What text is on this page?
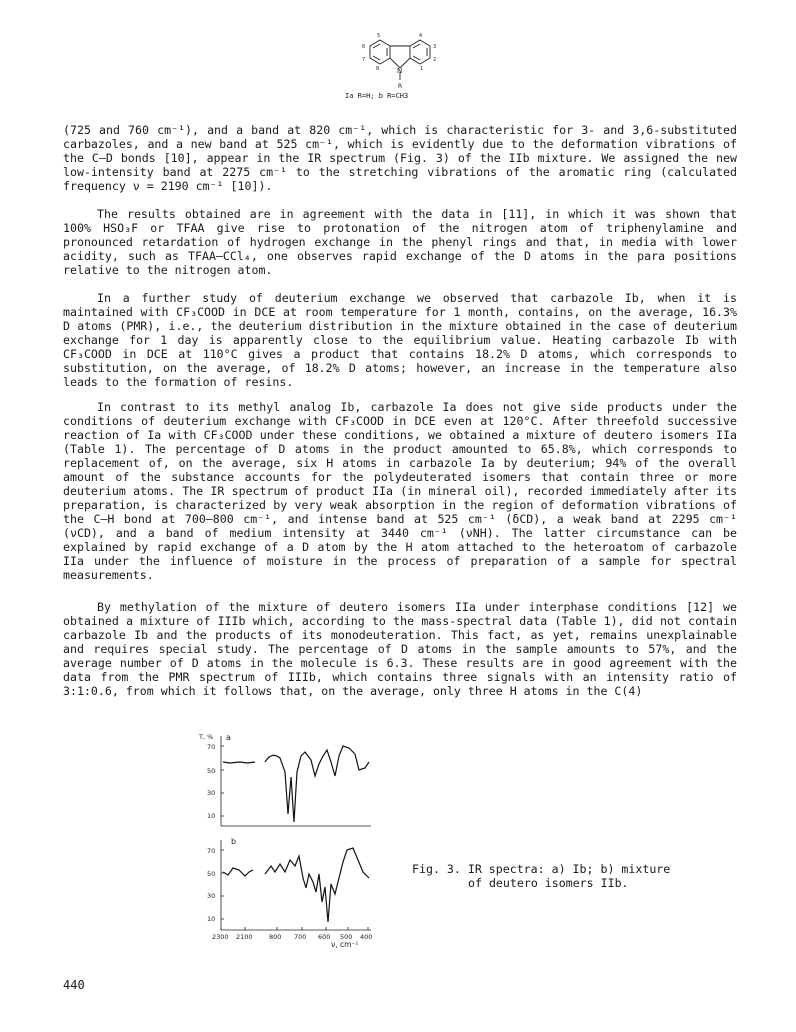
5	4
6	3
7	2
8	1
N
R
Ia R=H; b R=CH3

(725 and 760 cm⁻¹), and a band at 820 cm⁻¹, which is characteristic for 3- and 3,6-substituted carbazoles, and a new band at 525 cm⁻¹, which is evidently due to the deformation vibrations of the C–D bonds [10], appear in the IR spectrum (Fig. 3) of the IIb mixture. We assigned the new low-intensity band at 2275 cm⁻¹ to the stretching vibrations of the aromatic ring (calculated frequency ν = 2190 cm⁻¹ [10]).

The results obtained are in agreement with the data in [11], in which it was shown that 100% HSO₃F or TFAA give rise to protonation of the nitrogen atom of triphenylamine and pronounced retardation of hydrogen exchange in the phenyl rings and that, in media with lower acidity, such as TFAA–CCl₄, one observes rapid exchange of the D atoms in the para positions relative to the nitrogen atom.

In a further study of deuterium exchange we observed that carbazole Ib, when it is maintained with CF₃COOD in DCE at room temperature for 1 month, contains, on the average, 16.3% D atoms (PMR), i.e., the deuterium distribution in the mixture obtained in the case of deuterium exchange for 1 day is apparently close to the equilibrium value. Heating carbazole Ib with CF₃COOD in DCE at 110°C gives a product that contains 18.2% D atoms, which corresponds to substitution, on the average, of 18.2% D atoms; however, an increase in the temperature also leads to the formation of resins.

In contrast to its methyl analog Ib, carbazole Ia does not give side products under the conditions of deuterium exchange with CF₃COOD in DCE even at 120°C. After threefold successive reaction of Ia with CF₃COOD under these conditions, we obtained a mixture of deutero isomers IIa (Table 1). The percentage of D atoms in the product amounted to 65.8%, which corresponds to replacement of, on the average, six H atoms in carbazole Ia by deuterium; 94% of the overall amount of the substance accounts for the polydeuterated isomers that contain three or more deuterium atoms. The IR spectrum of product IIa (in mineral oil), recorded immediately after its preparation, is characterized by very weak absorption in the region of deformation vibrations of the C–H bond at 700–800 cm⁻¹, and intense band at 525 cm⁻¹ (δCD), a weak band at 2295 cm⁻¹ (νCD), and a band of medium intensity at 3440 cm⁻¹ (νNH). The latter circumstance can be explained by rapid exchange of a D atom by the H atom attached to the heteroatom of carbazole IIa under the influence of moisture in the process of preparation of a sample for spectral measurements.

By methylation of the mixture of deutero isomers IIa under interphase conditions [12] we obtained a mixture of IIIb which, according to the mass-spectral data (Table 1), did not contain carbazole Ib and the products of its monodeuteration. This fact, as yet, remains unexplainable and requires special study. The percentage of D atoms in the sample amounts to 57%, and the average number of D atoms in the molecule is 6.3. These results are in good agreement with the data from the PMR spectrum of IIIb, which contains three signals with an intensity ratio of 3:1:0.6, from which it follows that, on the average, only three H atoms in the C(4)

T, % a
b
70
50
30
10
70
50
30
10
2300 2100	800 700 600 500 400
ν, cm⁻¹
Fig. 3. IR spectra: a) Ib; b) mixture
of deutero isomers IIb.
440
